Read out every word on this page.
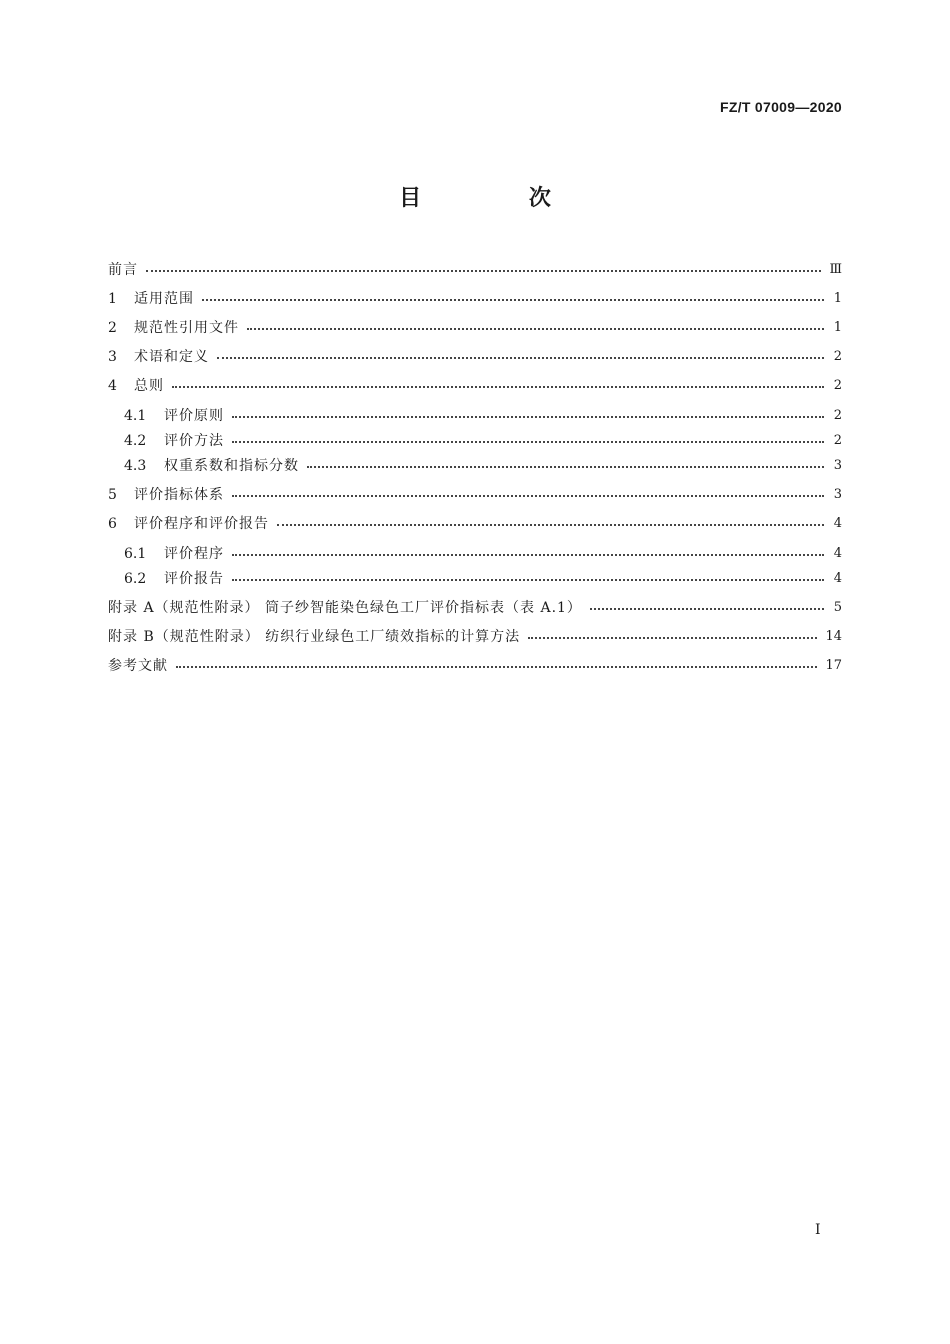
FZ/T 07009—2020
目 次
前言	Ⅲ
1	适用范围	1
2	规范性引用文件	1
3	术语和定义	2
4	总则	2
4.1	评价原则	2
4.2	评价方法	2
4.3	权重系数和指标分数	3
5	评价指标体系	3
6	评价程序和评价报告	4
6.1	评价程序	4
6.2	评价报告	4
附录 A（规范性附录） 筒子纱智能染色绿色工厂评价指标表（表 A.1）	5
附录 B（规范性附录） 纺织行业绿色工厂绩效指标的计算方法	14
参考文献	17
I
